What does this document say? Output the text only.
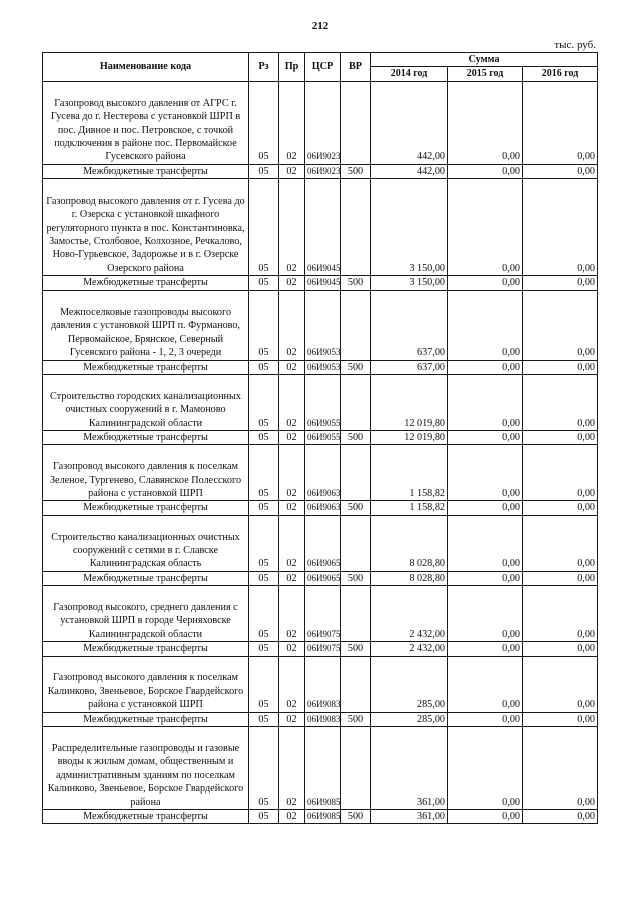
212
тыс. руб.
Наименование кода	Рз	Пр	ЦСР	ВР	Сумма		
					2014 год	2015 год	2016 год
Газопровод высокого давления от АГРС г. Гусева до г. Нестерова с установкой ШРП в пос. Дивное и пос. Петровское, с точкой подключения в районе пос. Первомайское Гусевского района	05	02	06И9023		442,00	0,00	0,00
Межбюджетные трансферты	05	02	06И9023	500	442,00	0,00	0,00
Газопровод высокого давления от г. Гусева до г. Озерска с установкой шкафного регуляторного пункта в пос. Константиновка, Замостье, Столбовое, Колхозное, Речкалово, Ново-Гурьевское, Задорожье и в г. Озерске Озерского района	05	02	06И9045		3 150,00	0,00	0,00
Межбюджетные трансферты	05	02	06И9045	500	3 150,00	0,00	0,00
Межпоселковые газопроводы высокого давления с установкой ШРП п. Фурманово, Первомайское, Брянское, Северный Гусевского района - 1, 2, 3 очереди	05	02	06И9053		637,00	0,00	0,00
Межбюджетные трансферты	05	02	06И9053	500	637,00	0,00	0,00
Строительство городских канализационных очистных сооружений в г. Мамоново Калининградской области	05	02	06И9055		12 019,80	0,00	0,00
Межбюджетные трансферты	05	02	06И9055	500	12 019,80	0,00	0,00
Газопровод высокого давления к поселкам Зеленое, Тургенево, Славянское Полесского района с установкой ШРП	05	02	06И9063		1 158,82	0,00	0,00
Межбюджетные трансферты	05	02	06И9063	500	1 158,82	0,00	0,00
Строительство канализационных очистных сооружений с сетями в г. Славске Калининградская область	05	02	06И9065		8 028,80	0,00	0,00
Межбюджетные трансферты	05	02	06И9065	500	8 028,80	0,00	0,00
Газопровод высокого, среднего давления с установкой ШРП в городе Черняховске Калининградской области	05	02	06И9075		2 432,00	0,00	0,00
Межбюджетные трансферты	05	02	06И9075	500	2 432,00	0,00	0,00
Газопровод высокого давления к поселкам Калинково, Звеньевое, Борское Гвардейского района с установкой ШРП	05	02	06И9083		285,00	0,00	0,00
Межбюджетные трансферты	05	02	06И9083	500	285,00	0,00	0,00
Распределительные газопроводы и газовые вводы к жилым домам, общественным и административным зданиям по поселкам Калинково, Звеньевое, Борское Гвардейского района	05	02	06И9085		361,00	0,00	0,00
Межбюджетные трансферты	05	02	06И9085	500	361,00	0,00	0,00
